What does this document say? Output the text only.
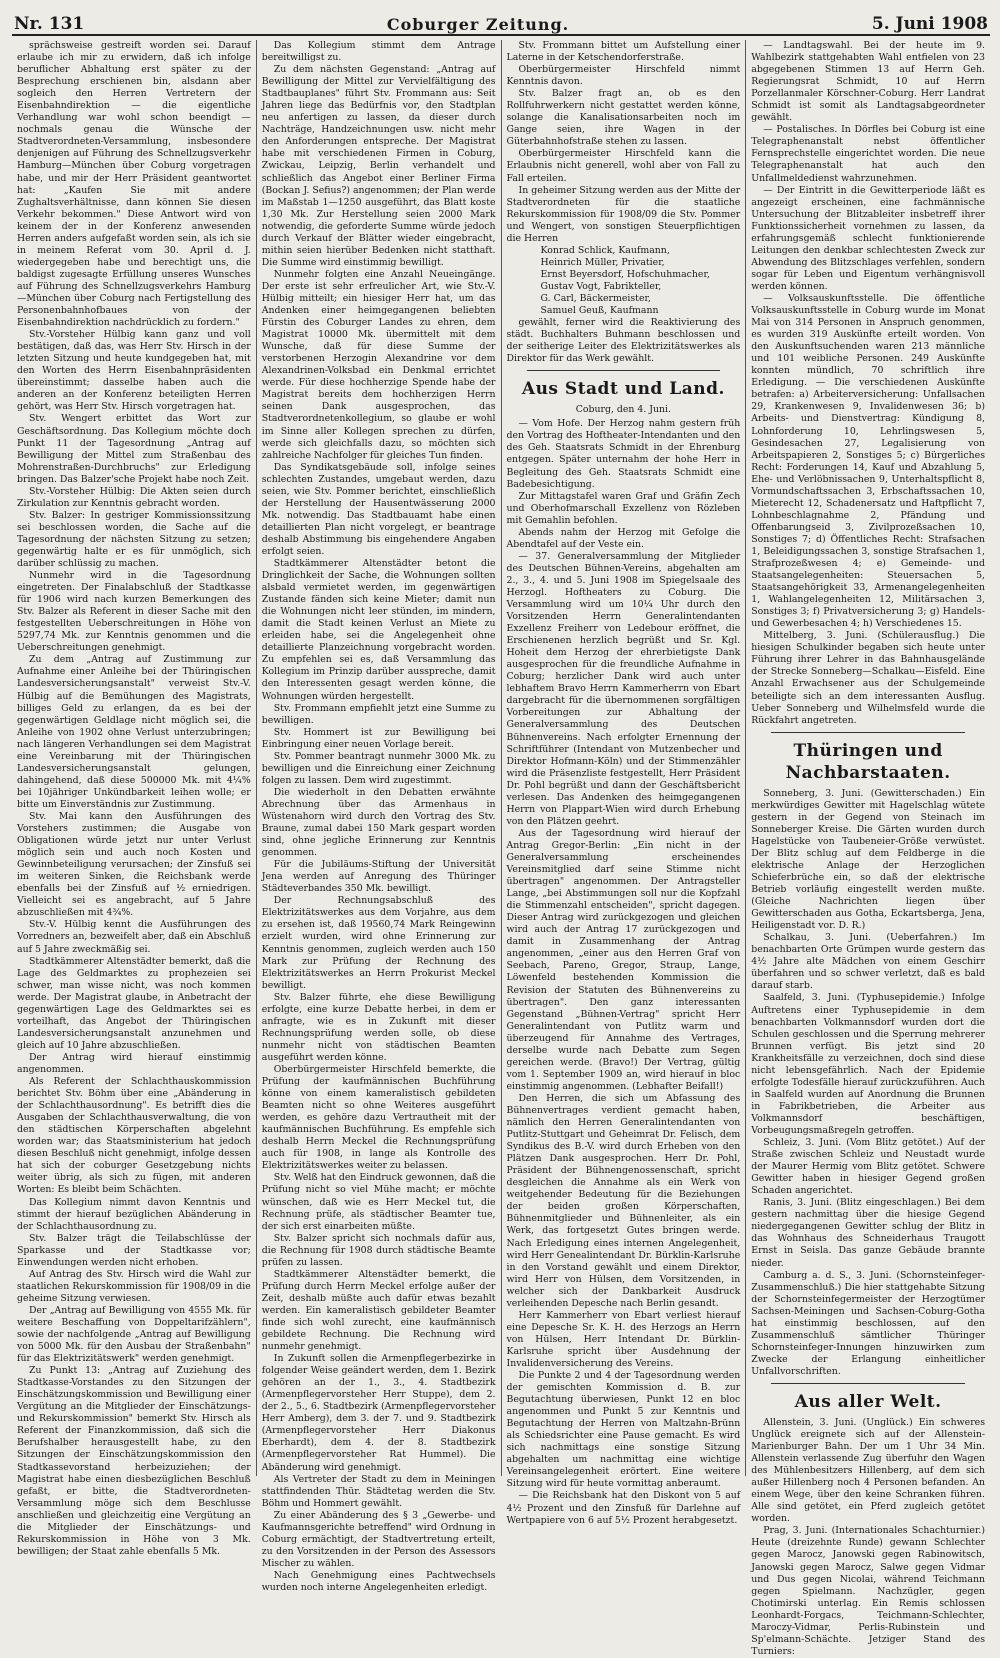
Nr. 131	Coburger Zeitung.	5. Juni 1908

sprächsweise gestreift worden sei. Darauf erlaube ich mir zu erwidern, daß ich infolge beruflicher Abhaltung erst später zu der Besprechung erschienen bin, alsdann aber sogleich den Herren Vertretern der Eisenbahndirektion — die eigentliche Verhandlung war wohl schon beendigt — nochmals genau die Wünsche der Stadtverordneten-Versammlung, insbesondere denjenigen auf Führung des Schnellzugsverkehr Hamburg—München über Coburg vorgetragen habe, und mir der Herr Präsident geantwortet hat: „Kaufen Sie mit andere Zughaltsverhältnisse, dann können Sie diesen Verkehr bekommen." Diese Antwort wird von keinem der in der Konferenz anwesenden Herren anders aufgefaßt worden sein, als ich sie in meinem Referat vom 30. April d. J. wiedergegeben habe und berechtigt uns, die baldigst zugesagte Erfüllung unseres Wunsches auf Führung des Schnellzugsverkehrs Hamburg—München über Coburg nach Fertigstellung des Personenbahnhofbaues von der Eisenbahndirektion nachdrücklich zu fordern."

Stv.-Vorsteher Hülbig kann ganz und voll bestätigen, daß das, was Herr Stv. Hirsch in der letzten Sitzung und heute kundgegeben hat, mit den Worten des Herrn Eisenbahnpräsidenten übereinstimmt; dasselbe haben auch die anderen an der Konferenz beteiligten Herren gehört, was Herr Stv. Hirsch vorgetragen hat.

Stv. Wengert erbittet das Wort zur Geschäftsordnung. Das Kollegium möchte doch Punkt 11 der Tagesordnung „Antrag auf Bewilligung der Mittel zum Straßenbau des Mohrenstraßen-Durchbruchs" zur Erledigung bringen. Das Balzer'sche Projekt habe noch Zeit.

Stv.-Vorsteher Hülbig: Die Akten seien durch Zirkulation zur Kenntnis gebracht worden.

Stv. Balzer: In gestriger Kommissionssitzung sei beschlossen worden, die Sache auf die Tagesordnung der nächsten Sitzung zu setzen; gegenwärtig halte er es für unmöglich, sich darüber schlüssig zu machen.

Nunmehr wird in die Tagesordnung eingetreten. Der Finalabschluß der Stadtkasse für 1906 wird nach kurzen Bemerkungen des Stv. Balzer als Referent in dieser Sache mit den festgestellten Ueberschreitungen in Höhe von 5297,74 Mk. zur Kenntnis genommen und die Ueberschreitungen genehmigt.

Zu dem „Antrag auf Zustimmung zur Aufnahme einer Anleihe bei der Thüringischen Landesversicherungsanstalt" verweist Stv.-V. Hülbig auf die Bemühungen des Magistrats, billiges Geld zu erlangen, da es bei der gegenwärtigen Geldlage nicht möglich sei, die Anleihe von 1902 ohne Verlust unterzubringen; nach längeren Verhandlungen sei dem Magistrat eine Vereinbarung mit der Thüringischen Landesversicherungsanstalt gelungen, dahingehend, daß diese 500000 Mk. mit 4¼% bei 10jähriger Unkündbarkeit leihen wolle; er bitte um Einverständnis zur Zustimmung.

Stv. Mai kann den Ausführungen des Vorstehers zustimmen; die Ausgabe von Obligationen würde jetzt nur unter Verlust möglich sein und auch noch Kosten und Gewinnbeteiligung verursachen; der Zinsfuß sei im weiteren Sinken, die Reichsbank werde ebenfalls bei der Zinsfuß auf ½ erniedrigen. Vielleicht sei es angebracht, auf 5 Jahre abzuschließen mit 4¾%.

Stv.-V. Hülbig kennt die Ausführungen des Vorredners an, bezweifelt aber, daß ein Abschluß auf 5 Jahre zweckmäßig sei.

Stadtkämmerer Altenstädter bemerkt, daß die Lage des Geldmarktes zu prophezeien sei schwer, man wisse nicht, was noch kommen werde. Der Magistrat glaube, in Anbetracht der gegenwärtigen Lage des Geldmarktes sei es vorteilhaft, das Angebot der Thüringischen Landesversicherungsanstalt anzunehmen und gleich auf 10 Jahre abzuschließen.

Der Antrag wird hierauf einstimmig angenommen.

Als Referent der Schlachthauskommission berichtet Stv. Böhm über eine „Abänderung in der Schlachthausordnung". Es betrifft dies die Ausgaben der Schlachthausverwaltung, die von den städtischen Körperschaften abgelehnt worden war; das Staatsministerium hat jedoch diesen Beschluß nicht genehmigt, infolge dessen hat sich der coburger Gesetzgebung nichts weiter übrig, als sich zu fügen, mit anderen Worten: Es bleibt beim Schächten.

Das Kollegium nimmt davon Kenntnis und stimmt der hierauf bezüglichen Abänderung in der Schlachthausordnung zu.

Stv. Balzer trägt die Teilabschlüsse der Sparkasse und der Stadtkasse vor; Einwendungen werden nicht erhoben.

Auf Antrag des Stv. Hirsch wird die Wahl zur staatlichen Rekurskommission für 1908/09 in die geheime Sitzung verwiesen.

Der „Antrag auf Bewilligung von 4555 Mk. für weitere Beschaffung von Doppeltarifzählern", sowie der nachfolgende „Antrag auf Bewilligung von 5000 Mk. für den Ausbau der Straßenbahn" für das Elektrizitätswerk" werden genehmigt.

Zu Punkt 13: „Antrag auf Zuziehung des Stadtkasse-Vorstandes zu den Sitzungen der Einschätzungskommission und Bewilligung einer Vergütung an die Mitglieder der Einschätzungs- und Rekurskommission" bemerkt Stv. Hirsch als Referent der Finanzkommission, daß sich die Berufshalber herausgestellt habe, zu den Sitzungen der Einschätzungskommission den Stadtkassevorstand herbeizuziehen; der Magistrat habe einen diesbezüglichen Beschluß gefaßt, er bitte, die Stadtverordneten-Versammlung möge sich dem Beschlusse anschließen und gleichzeitig eine Vergütung an die Mitglieder der Einschätzungs- und Rekurskommission in Höhe von 3 Mk. bewilligen; der Staat zahle ebenfalls 5 Mk.

Das Kollegium stimmt dem Antrage bereitwilligst zu.

Zu dem nächsten Gegenstand: „Antrag auf Bewilligung der Mittel zur Vervielfältigung des Stadtbauplanes" führt Stv. Frommann aus: Seit Jahren liege das Bedürfnis vor, den Stadtplan neu anfertigen zu lassen, da dieser durch Nachträge, Handzeichnungen usw. nicht mehr den Anforderungen entspreche. Der Magistrat habe mit verschiedenen Firmen in Coburg, Zwickau, Leipzig, Berlin verhandelt und schließlich das Angebot einer Berliner Firma (Bockan J. Sefius?) angenommen; der Plan werde im Maßstab 1—1250 ausgeführt, das Blatt koste 1,30 Mk. Zur Herstellung seien 2000 Mark notwendig, die geforderte Summe würde jedoch durch Verkauf der Blätter wieder eingebracht, mithin seien hierüber Bedenken nicht statthaft. Die Summe wird einstimmig bewilligt.

Nunmehr folgten eine Anzahl Neueingänge. Der erste ist sehr erfreulicher Art, wie Stv.-V. Hülbig mitteilt; ein hiesiger Herr hat, um das Andenken einer heimgegangenen beliebten Fürstin des Coburger Landes zu ehren, dem Magistrat 10000 Mk. übermittelt mit dem Wunsche, daß für diese Summe der verstorbenen Herzogin Alexandrine vor dem Alexandrinen-Volksbad ein Denkmal errichtet werde. Für diese hochherzige Spende habe der Magistrat bereits dem hochherzigen Herrn seinen Dank ausgesprochen, das Stadtverordnetenkollegium, so glaube er wohl im Sinne aller Kollegen sprechen zu dürfen, werde sich gleichfalls dazu, so möchten sich zahlreiche Nachfolger für gleiches Tun finden.

Das Syndikatsgebäude soll, infolge seines schlechten Zustandes, umgebaut werden, dazu seien, wie Stv. Pommer berichtet, einschließlich der Herstellung der Hausentwässerung 2000 Mk. notwendig. Das Stadtbauamt habe einen detaillierten Plan nicht vorgelegt, er beantrage deshalb Abstimmung bis eingehendere Angaben erfolgt seien.

Stadtkämmerer Altenstädter betont die Dringlichkeit der Sache, die Wohnungen sollten alsbald vermietet werden, im gegenwärtigen Zustande fänden sich keine Mieter; damit nun die Wohnungen nicht leer stünden, im mindern, damit die Stadt keinen Verlust an Miete zu erleiden habe, sei die Angelegenheit ohne detaillierte Planzeichnung vorgebracht worden. Zu empfehlen sei es, daß Versammlung das Kollegium im Prinzip darüber ausspreche, damit den Interessenten gesagt werden könne, die Wohnungen würden hergestellt.

Stv. Frommann empfiehlt jetzt eine Summe zu bewilligen.

Stv. Hommert ist zur Bewilligung bei Einbringung einer neuen Vorlage bereit.

Stv. Pommer beantragt nunmehr 3000 Mk. zu bewilligen und die Einreichung einer Zeichnung folgen zu lassen. Dem wird zugestimmt.

Die wiederholt in den Debatten erwähnte Abrechnung über das Armenhaus in Wüstenahorn wird durch den Vortrag des Stv. Braune, zumal dabei 150 Mark gespart worden sind, ohne jegliche Erinnerung zur Kenntnis genommen.

Für die Jubiläums-Stiftung der Universität Jena werden auf Anregung des Thüringer Städteverbandes 350 Mk. bewilligt.

Der Rechnungsabschluß des Elektrizitätswerkes aus dem Vorjahre, aus dem zu ersehen ist, daß 19560,74 Mark Reingewinn erzielt wurden, wird ohne Erinnerung zur Kenntnis genommen, zugleich werden auch 150 Mark zur Prüfung der Rechnung des Elektrizitätswerkes an Herrn Prokurist Meckel bewilligt.

Stv. Balzer führte, ehe diese Bewilligung erfolgte, eine kurze Debatte herbei, in dem er anfragte, wie es in Zukunft mit dieser Rechnungsprüfung werden solle, ob diese nunmehr nicht von städtischen Beamten ausgeführt werden könne.

Oberbürgermeister Hirschfeld bemerkte, die Prüfung der kaufmännischen Buchführung könne von einem kameralistisch gebildeten Beamten nicht so ohne Weiteres ausgeführt werden, es gehöre dazu Vertrautheit mit der kaufmännischen Buchführung. Es empfehle sich deshalb Herrn Meckel die Rechnungsprüfung auch für 1908, in lange als Kontrolle des Elektrizitätswerkes weiter zu belassen.

Stv. Welß hat den Eindruck gewonnen, daß die Prüfung nicht so viel Mühe macht; er möchte wünschen, daß wie es Herr Meckel tut, die Rechnung prüfe, als städtischer Beamter tue, der sich erst einarbeiten müßte.

Stv. Balzer spricht sich nochmals dafür aus, die Rechnung für 1908 durch städtische Beamte prüfen zu lassen.

Stadtkämmerer Altenstädter bemerkt, die Prüfung durch Herrn Meckel erfolge außer der Zeit, deshalb müßte auch dafür etwas bezahlt werden. Ein kameralistisch gebildeter Beamter finde sich wohl zurecht, eine kaufmännisch gebildete Rechnung. Die Rechnung wird nunmehr genehmigt.

In Zukunft sollen die Armenpflegerbezirke in folgender Weise geändert werden, dem 1. Bezirk gehören an der 1., 3., 4. Stadtbezirk (Armenpflegervorsteher Herr Stuppe), dem 2. der 2., 5., 6. Stadtbezirk (Armenpflegervorsteher Herr Amberg), dem 3. der 7. und 9. Stadtbezirk (Armenpflegervorsteher Herr Diakonus Eberhardt), dem 4. der 8. Stadtbezirk (Armenpflegervorsteher Rat Hummel). Die Abänderung wird genehmigt.

Als Vertreter der Stadt zu dem in Meiningen stattfindenden Thür. Städtetag werden die Stv. Böhm und Hommert gewählt.

Zu einer Abänderung des § 3 „Gewerbe- und Kaufmannsgerichte betreffend" wird Ordnung in Coburg ermächtigt, der Stadtvertretung erteilt, zu den Vorsitzenden in der Person des Assessors Mischer zu wählen.

Nach Genehmigung eines Pachtwechsels wurden noch interne Angelegenheiten erledigt.

Stv. Frommann bittet um Aufstellung einer Laterne in der Ketschendorferstraße.

Oberbürgermeister Hirschfeld nimmt Kenntnis davon.

Stv. Balzer fragt an, ob es den Rollfuhrwerkern nicht gestattet werden könne, solange die Kanalisationsarbeiten noch im Gange seien, ihre Wagen in der Güterbahnhofstraße stehen zu lassen.

Oberbürgermeister Hirschfeld kann die Erlaubnis nicht generell, wohl aber von Fall zu Fall erteilen.

In geheimer Sitzung werden aus der Mitte der Stadtverordneten für die staatliche Rekurskommission für 1908/09 die Stv. Pommer und Wengert, von sonstigen Steuerpflichtigen die Herren

Konrad Schlick, Kaufmann,
Heinrich Müller, Privatier,
Ernst Beyersdorf, Hofschuhmacher,
Gustav Vogt, Fabrikteller,
G. Carl, Bäckermeister,
Samuel Geuß, Kaufmann

gewählt, ferner wird die Reaktivierung des städt. Buchhalters Buhmann beschlossen und der seitherige Leiter des Elektrizitätswerkes als Direktor für das Werk gewählt.

Aus Stadt und Land.
Coburg, den 4. Juni.

— Vom Hofe. Der Herzog nahm gestern früh den Vortrag des Hoftheater-Intendanten und den des Geh. Staatsrats Schmidt in der Ehrenburg entgegen. Später unternahm der hohe Herr in Begleitung des Geh. Staatsrats Schmidt eine Badebesichtigung.

Zur Mittagstafel waren Graf und Gräfin Zech und Oberhofmarschall Exzellenz von Rözleben mit Gemahlin befohlen.

Abends nahm der Herzog mit Gefolge die Abendtafel auf der Veste ein.

— 37. Generalversammlung der Mitglieder des Deutschen Bühnen-Vereins, abgehalten am 2., 3., 4. und 5. Juni 1908 im Spiegelsaale des Herzogl. Hoftheaters zu Coburg. Die Versammlung wird um 10¼ Uhr durch den Vorsitzenden Herrn Generalintendanten Exzellenz Freiherr von Ledebour eröffnet, die Erschienenen herzlich begrüßt und Sr. Kgl. Hoheit dem Herzog der ehrerbietigste Dank ausgesprochen für die freundliche Aufnahme in Coburg; herzlicher Dank wird auch unter lebhaftem Bravo Herrn Kammerherrn von Ebart dargebracht für die übernommenen sorgfältigen Vorbereitungen zur Abhaltung der Generalversammlung des Deutschen Bühnenvereins. Nach erfolgter Ernennung der Schriftführer (Intendant von Mutzenbecher und Direktor Hofmann-Köln) und der Stimmenzähler wird die Präsenzliste festgestellt, Herr Präsident Dr. Pohl begrüßt und dann der Geschäftsbericht verlesen. Das Andenken des heimgegangenen Herrn von Plappart-Wien wird durch Erhebung von den Plätzen geehrt.

Aus der Tagesordnung wird hierauf der Antrag Gregor-Berlin: „Ein nicht in der Generalversammlung erscheinendes Vereinsmitglied darf seine Stimme nicht übertragen" angenommen. Der Antragsteller Lange, „bei Abstimmungen soll nur die Kopfzahl die Stimmenzahl entscheiden", spricht dagegen. Dieser Antrag wird zurückgezogen und gleichen wird auch der Antrag 17 zurückgezogen und damit in Zusammenhang der Antrag angenommen, „einer aus den Herren Graf von Seebach, Pareno, Gregor, Straup, Lange, Löwenfeld bestehenden Kommission die Revision der Statuten des Bühnenvereins zu übertragen". Den ganz interessanten Gegenstand „Bühnen-Vertrag" spricht Herr Generalintendant von Putlitz warm und überzeugend für Annahme des Vertrages, derselbe wurde nach Debatte zum Segen gereichen werde. (Bravo!) Der Vertrag, gültig vom 1. September 1909 an, wird hierauf in bloc einstimmig angenommen. (Lebhafter Beifall!)

Den Herren, die sich um Abfassung des Bühnenvertrages verdient gemacht haben, nämlich den Herren Generalintendanten von Putlitz-Stuttgart und Geheimrat Dr. Felisch, dem Syndikus des B.-V. wird durch Erheben von den Plätzen Dank ausgesprochen. Herr Dr. Pohl, Präsident der Bühnengenossenschaft, spricht desgleichen die Annahme als ein Werk von weitgehender Bedeutung für die Beziehungen der beiden großen Körperschaften, Bühnenmitglieder und Bühnenleiter, als ein Werk, das fortgesetzt Gutes bringen werde. Nach Erledigung eines internen Angelegenheit, wird Herr Genealintendant Dr. Bürklin-Karlsruhe in den Vorstand gewählt und einem Direktor, wird Herr von Hülsen, dem Vorsitzenden, in welcher sich der Dankbarkeit Ausdruck verleihenden Depesche nach Berlin gesandt.

Herr Kammerherr von Ebart verliest hierauf eine Depesche Sr. K. H. des Herzogs an Herrn von Hülsen, Herr Intendant Dr. Bürklin-Karlsruhe spricht über Ausdehnung der Invalidenversicherung des Vereins.

Die Punkte 2 und 4 der Tagesordnung werden der gemischten Kommission d. B. zur Begutachtung überwiesen, Punkt 12 en bloc angenommen und Punkt 5 zur Kenntnis und Begutachtung der Herren von Maltzahn-Brünn als Schiedsrichter eine Pause gemacht. Es wird sich nachmittags eine sonstige Sitzung abgehalten um nachmittag eine wichtige Vereinsangelegenheit erörtert. Eine weitere Sitzung wird für heute vormittag anberaumt.

— Die Reichsbank hat den Diskont von 5 auf 4½ Prozent und den Zinsfuß für Darlehne auf Wertpapiere von 6 auf 5½ Prozent herabgesetzt.

— Landtagswahl. Bei der heute im 9. Wahlbezirk stattgehabten Wahl entfielen von 23 abgegebenen Stimmen 13 auf Herrn Geh. Regierungsrat Schmidt, 10 auf Herrn Porzellanmaler Körschner-Coburg. Herr Landrat Schmidt ist somit als Landtagsabgeordneter gewählt.

— Postalisches. In Dörfles bei Coburg ist eine Telegraphenanstalt nebst öffentlicher Fernsprechstelle eingerichtet worden. Die neue Telegraphenanstalt hat auch den Unfallmeldedienst wahrzunehmen.

— Der Eintritt in die Gewitterperiode läßt es angezeigt erscheinen, eine fachmännische Untersuchung der Blitzableiter insbetreff ihrer Funktionssicherheit vornehmen zu lassen, da erfahrungsgemäß schlecht funktionierende Leitungen den denkbar schlechtesten Zweck zur Abwendung des Blitzschlages verfehlen, sondern sogar für Leben und Eigentum verhängnisvoll werden können.

— Volksauskunftsstelle. Die öffentliche Volksauskunftsstelle in Coburg wurde im Monat Mai von 314 Personen in Anspruch genommen, es wurden 319 Auskünfte erteilt worden. Von den Auskunftsuchenden waren 213 männliche und 101 weibliche Personen. 249 Auskünfte konnten mündlich, 70 schriftlich ihre Erledigung. — Die verschiedenen Auskünfte betrafen: a) Arbeiterversicherung: Unfallsachen 29, Krankenwesen 9, Invalidenwesen 36; b) Arbeits- und Dienstvertrag: Kündigung 8, Lohnforderung 10, Lehrlingswesen 5, Gesindesachen 27, Legalisierung von Arbeitspapieren 2, Sonstiges 5; c) Bürgerliches Recht: Forderungen 14, Kauf und Abzahlung 5, Ehe- und Verlöbnissachen 9, Unterhaltspflicht 8, Vormundschaftssachen 3, Erbschaftssachen 10, Mieterecht 12, Schadenersatz und Haftpflicht 7, Lohnbeschlagnahme 2, Pfändung und Offenbarungseid 3, Zivilprozeßsachen 10, Sonstiges 7; d) Öffentliches Recht: Strafsachen 1, Beleidigungssachen 3, sonstige Strafsachen 1, Strafprozeßwesen 4; e) Gemeinde- und Staatsangelegenheiten: Steuersachen 5, Staatsangehörigkeit 33, Armenangelegenheiten 1, Wahlangelegenheiten 12, Militärsachen 3, Sonstiges 3; f) Privatversicherung 3; g) Handels- und Gewerbesachen 4; h) Verschiedenes 15.

Mittelberg, 3. Juni. (Schülerausflug.) Die hiesigen Schulkinder begaben sich heute unter Führung ihrer Lehrer in das Bahnhausgelände der Strecke Sonneberg—Schalkau—Eisfeld. Eine Anzahl Erwachsener aus der Schulgemeinde beteiligte sich an dem interessanten Ausflug. Ueber Sonneberg und Wilhelmsfeld wurde die Rückfahrt angetreten.

Thüringen und Nachbarstaaten.

Sonneberg, 3. Juni. (Gewitterschaden.) Ein merkwürdiges Gewitter mit Hagelschlag wütete gestern in der Gegend von Steinach im Sonneberger Kreise. Die Gärten wurden durch Hagelstücke von Taubeneier-Größe verwüstet. Der Blitz schlug auf dem Feldberge in die elektrische Anlage der Herzoglichen Schieferbrüche ein, so daß der elektrische Betrieb vorläufig eingestellt werden mußte. (Gleiche Nachrichten liegen über Gewitterschaden aus Gotha, Eckartsberga, Jena, Heiligenstadt vor. D. R.)

Schalkau, 3. Juni. (Ueberfahren.) Im benachbarten Orte Grümpen wurde gestern das 4½ Jahre alte Mädchen von einem Geschirr überfahren und so schwer verletzt, daß es bald darauf starb.

Saalfeld, 3. Juni. (Typhusepidemie.) Infolge Auftretens einer Typhusepidemie in dem benachbarten Volkmannsdorf wurden dort die Schulen geschlossen und die Sperrung mehrerer Brunnen verfügt. Bis jetzt sind 20 Krankheitsfälle zu verzeichnen, doch sind diese nicht lebensgefährlich. Nach der Epidemie erfolgte Todesfälle hierauf zurückzuführen. Auch in Saalfeld wurden auf Anordnung die Brunnen in Fabrikbetrieben, die Arbeiter aus Volkmannsdorf beschäftigen, Vorbeugungsmaßregeln getroffen.

Schleiz, 3. Juni. (Vom Blitz getötet.) Auf der Straße zwischen Schleiz und Neustadt wurde der Maurer Hermig vom Blitz getötet. Schwere Gewitter haben in hiesiger Gegend großen Schaden angerichtet.

Ranis, 3. Juni. (Blitz eingeschlagen.) Bei dem gestern nachmittag über die hiesige Gegend niedergegangenen Gewitter schlug der Blitz in das Wohnhaus des Schneiderhaus Traugott Ernst in Seisla. Das ganze Gebäude brannte nieder.

Camburg a. d. S., 3. Juni. (Schornsteinfeger-Zusammenschluß.) Die hier stattgehabte Sitzung der Schornsteinfegermeister der Herzogtümer Sachsen-Meiningen und Sachsen-Coburg-Gotha hat einstimmig beschlossen, auf den Zusammenschluß sämtlicher Thüringer Schornsteinfeger-Innungen hinzuwirken zum Zwecke der Erlangung einheitlicher Unfallvorschriften.

Aus aller Welt.

Allenstein, 3. Juni. (Unglück.) Ein schweres Unglück ereignete sich auf der Allenstein-Marienburger Bahn. Der um 1 Uhr 34 Min. Allenstein verlassende Zug überfuhr den Wagen des Mühlenbesitzers Hillenberg, auf dem sich außer Hillenberg noch 4 Personen befanden. An einem Wege, über den keine Schranken führen. Alle sind getötet, ein Pferd zugleich getötet worden.

Prag, 3. Juni. (Internationales Schachturnier.) Heute (dreizehnte Runde) gewann Schlechter gegen Marocz, Janowski gegen Rabinowitsch, Janowski gegen Marocz, Salwe gegen Vidmar und Dus gegen Nicolai, während Teichmann gegen Spielmann. Nachzügler, gegen Chotimirski unterlag. Ein Remis schlossen Leonhardt-Forgacs, Teichmann-Schlechter, Maroczy-Vidmar, Perlis-Rubinstein und Sp'elmann-Schächte. Jetziger Stand des Turniers:
